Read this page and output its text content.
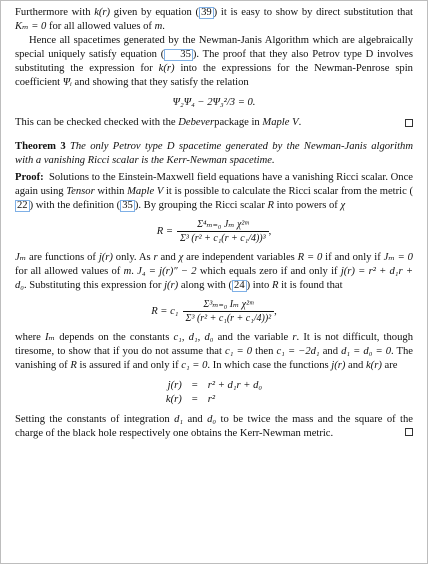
Furthermore with k(r) given by equation ( 39 ) it is easy to show by direct substitution that Kₘ = 0 for all allowed values of m.

Hence all spacetimes generated by the Newman-Janis Algorithm which are algebraically special uniquely satisfy equation ( 35 ). The proof that they also Petrov type D involves substituting the expression for k(r) into the expressions for the Newman-Penrose spin coefficient Ψᵢ and showing that they satisfy the relation

Ψ₂Ψ₄ − 2Ψ₃²/3 = 0.

This can be checked checked with the Debeverpackage in Maple V.

Theorem 3 The only Petrov type D spacetime generated by the Newman-Janis algorithm with a vanishing Ricci scalar is the Kerr-Newman spacetime.

Proof: Solutions to the Einstein-Maxwell field equations have a vanishing Ricci scalar. Once again using Tensor within Maple V it is possible to calculate the Ricci scalar from the metric (22 ) with the definition ( 35 ). By grouping the Ricci scalar R into powers of χ

$R = \frac{\text{Σ⁴ₘ₌₀ Jₘ χ²ᵐ}}{\text{Σ³ (r² + c₁(r + c₁/4))³}}$ ,

Jₘ are functions of j(r) only. As r and χ are independent variables R = 0 if and only if Jₘ = 0 for all allowed values of m. J₄ = j(r)″ − 2 which equals zero if and only if j(r) = r² + d₁r + d₀. Substituting this expression for j(r) along with ( 24 ) into R it is found that

$R = c_1 \frac{\text{Σ³ₘ₌₀ Iₘ χ²ᵐ}}{\text{Σ³ (r² + c₁(r + c₁/4))²}}$ ,

where Iₘ depends on the constants c₁, d₁, d₀ and the variable r. It is not difficult, though tiresome, to show that if you do not assume that c₁ = 0 then c₁ = −2d₁ and d₁ = d₀ = 0. The vanishing of R is assured if and only if c₁ = 0. In which case the functions j(r) and k(r) are

j(r)	=	r² + d₁r + d₀
k(r)	=	r²

Setting the constants of integration d₁ and d₀ to be twice the mass and the square of the charge of the black hole respectively one obtains the Kerr-Newman metric.
